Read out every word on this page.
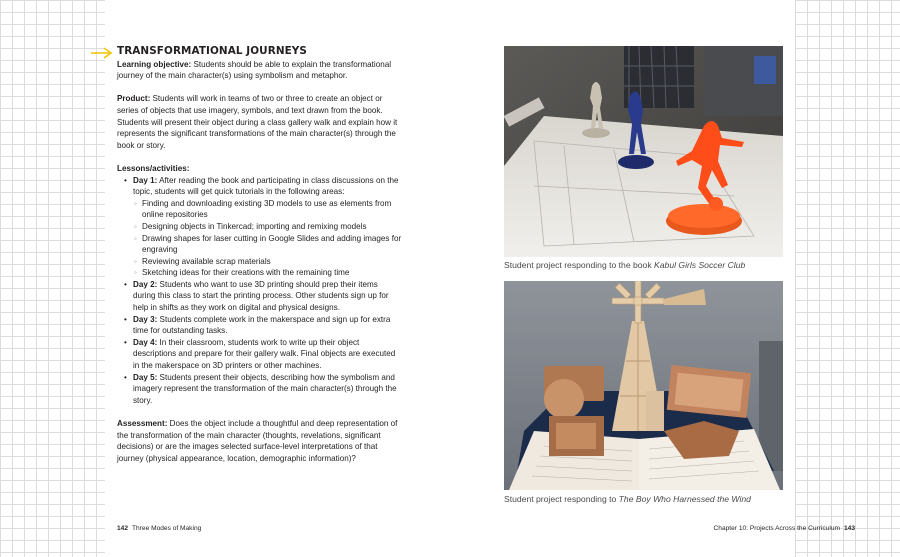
TRANSFORMATIONAL JOURNEYS

Learning objective: Students should be able to explain the transformational journey of the main character(s) using symbolism and metaphor.

Product: Students will work in teams of two or three to create an object or series of objects that use imagery, symbols, and text drawn from the book. Students will present their object during a class gallery walk and explain how it represents the significant transformations of the main character(s) through the book or story.

Lessons/activities:
• Day 1: After reading the book and participating in class discussions on the topic, students will get quick tutorials in the following areas:
◦ Finding and downloading existing 3D models to use as elements from online repositories
◦ Designing objects in Tinkercad; importing and remixing models
◦ Drawing shapes for laser cutting in Google Slides and adding images for engraving
◦ Reviewing available scrap materials
◦ Sketching ideas for their creations with the remaining time
• Day 2: Students who want to use 3D printing should prep their items during this class to start the printing process. Other students sign up for help in shifts as they work on digital and physical designs.
• Day 3: Students complete work in the makerspace and sign up for extra time for outstanding tasks.
• Day 4: In their classroom, students work to write up their object descriptions and prepare for their gallery walk. Final objects are executed in the makerspace on 3D printers or other machines.
• Day 5: Students present their objects, describing how the symbolism and imagery represent the transformation of the main character(s) through the story.

Assessment: Does the object include a thoughtful and deep representation of the transformation of the main character (thoughts, revelations, significant decisions) or are the images selected surface-level interpretations of that journey (physical appearance, location, demographic information)?

Student project responding to the book Kabul Girls Soccer Club
Student project responding to The Boy Who Harnessed the Wind
142 Three Modes of Making	Chapter 10: Projects Across the Curriculum 143
